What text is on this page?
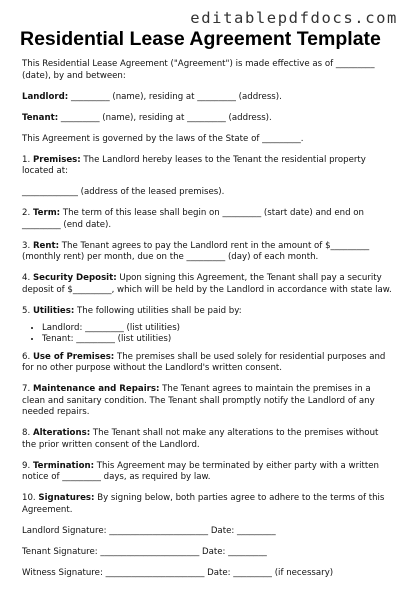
editablepdfdocs.com
Residential Lease Agreement Template

This Residential Lease Agreement ("Agreement") is made effective as of _________ (date), by and between:

Landlord: _________ (name), residing at _________ (address).

Tenant: _________ (name), residing at _________ (address).

This Agreement is governed by the laws of the State of _________.

1. Premises: The Landlord hereby leases to the Tenant the residential property located at:

_____________ (address of the leased premises).

2. Term: The term of this lease shall begin on _________ (start date) and end on _________ (end date).

3. Rent: The Tenant agrees to pay the Landlord rent in the amount of $_________ (monthly rent) per month, due on the _________ (day) of each month.

4. Security Deposit: Upon signing this Agreement, the Tenant shall pay a security deposit of $_________, which will be held by the Landlord in accordance with state law.

5. Utilities: The following utilities shall be paid by:

• Landlord: _________ (list utilities)
• Tenant: _________ (list utilities)

6. Use of Premises: The premises shall be used solely for residential purposes and for no other purpose without the Landlord's written consent.

7. Maintenance and Repairs: The Tenant agrees to maintain the premises in a clean and sanitary condition. The Tenant shall promptly notify the Landlord of any needed repairs.

8. Alterations: The Tenant shall not make any alterations to the premises without the prior written consent of the Landlord.

9. Termination: This Agreement may be terminated by either party with a written notice of _________ days, as required by law.

10. Signatures: By signing below, both parties agree to adhere to the terms of this Agreement.

Landlord Signature: _______________________ Date: _________

Tenant Signature: _______________________ Date: _________

Witness Signature: _______________________ Date: _________ (if necessary)
